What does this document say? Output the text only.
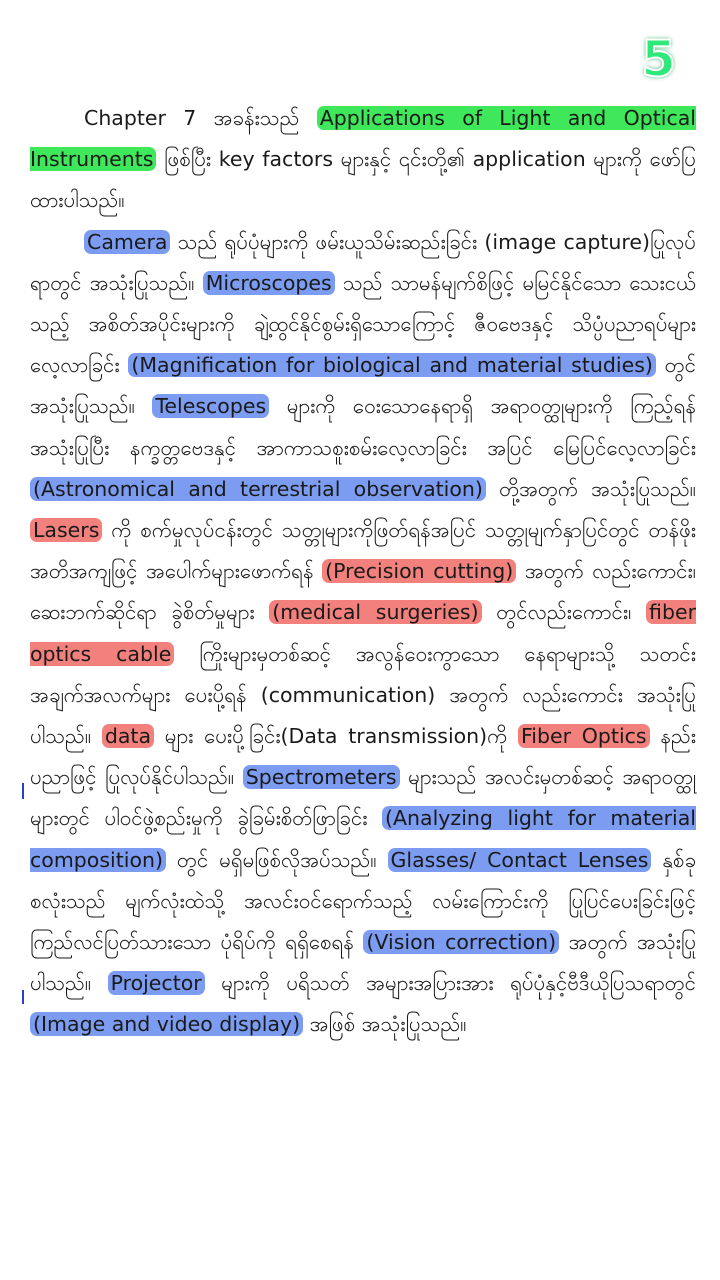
5

Chapter 7 အခန်းသည် Applications of Light and Optical Instruments ဖြစ်ပြီး key factors များနှင့် ၎င်းတို့၏ application များကို ဖော်ပြထားပါသည်။

Camera သည် ရုပ်ပုံများကို ဖမ်းယူသိမ်းဆည်းခြင်း (image capture)ပြုလုပ်ရာတွင် အသုံးပြုသည်။ Microscopes သည် သာမန်မျက်စိဖြင့် မမြင်နိုင်သော သေးငယ်သည့် အစိတ်အပိုင်းများကို ချဲ့ထွင်နိုင်စွမ်းရှိသောကြောင့် ဇီဝဗေဒနှင့် သိပ္ပံပညာရပ်များ လေ့လာခြင်း (Magnification for biological and material studies) တွင် အသုံးပြုသည်။ Telescopes များကို ဝေးသောနေရာရှိ အရာဝတ္ထုများကို ကြည့်ရန်အသုံးပြုပြီး နက္ခတ္တဗေဒနှင့် အာကာသစူးစမ်းလေ့လာခြင်း အပြင် မြေပြင်လေ့လာခြင်း (Astronomical and terrestrial observation) တို့အတွက် အသုံးပြုသည်။ Lasers ကို စက်မှုလုပ်ငန်းတွင် သတ္တုများကိုဖြတ်ရန်အပြင် သတ္တုမျက်နှာပြင်တွင် တန်ဖိုး အတိအကျဖြင့် အပေါက်များဖောက်ရန် (Precision cutting) အတွက် လည်းကောင်း၊ ဆေးဘက်ဆိုင်ရာ ခွဲစိတ်မှုများ (medical surgeries) တွင်လည်းကောင်း၊ fiber optics cable ကြိုးများမှတစ်ဆင့် အလွန်ဝေးကွာသော နေရာများသို့ သတင်းအချက်အလက်များ ပေးပို့ရန် (communication) အတွက် လည်းကောင်း အသုံးပြုပါသည်။ data များ ပေးပို့ခြင်း(Data transmission)ကို Fiber Optics နည်းပညာဖြင့် ပြုလုပ်နိုင်ပါသည်။ Spectrometers များသည် အလင်းမှတစ်ဆင့် အရာဝတ္ထုများတွင် ပါဝင်ဖွဲ့စည်းမှုကို ခွဲခြမ်းစိတ်ဖြာခြင်း (Analyzing light for material composition) တွင် မရှိမဖြစ်လိုအပ်သည်။ Glasses/ Contact Lenses နှစ်ခုစလုံးသည် မျက်လုံးထဲသို့ အလင်းဝင်ရောက်သည့် လမ်းကြောင်းကို ပြုပြင်ပေးခြင်းဖြင့် ကြည်လင်ပြတ်သားသော ပုံရိပ်ကို ရရှိစေရန် (Vision correction) အတွက် အသုံးပြုပါသည်။ Projector များကို ပရိသတ် အများအပြားအား ရုပ်ပုံနှင့်ဗီဒီယိုပြသရာတွင် (Image and video display) အဖြစ် အသုံးပြုသည်။
